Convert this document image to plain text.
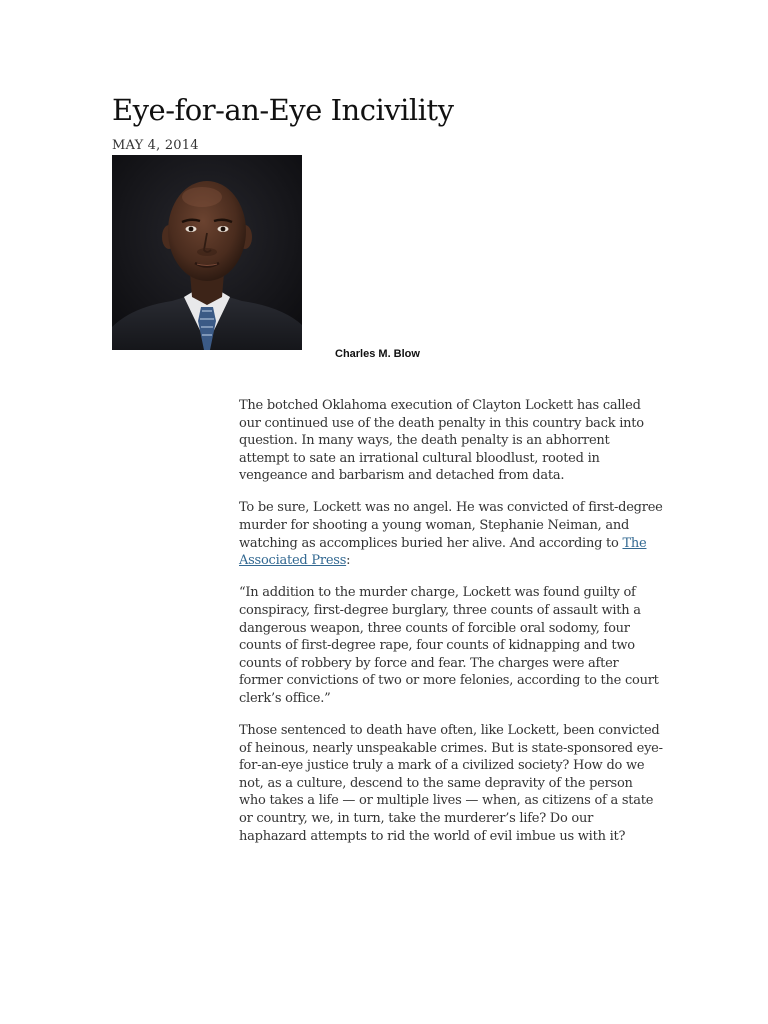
Eye-for-an-Eye Incivility
MAY 4, 2014
Charles M. Blow

The botched Oklahoma execution of Clayton Lockett has called our continued use of the death penalty in this country back into question. In many ways, the death penalty is an abhorrent attempt to sate an irrational cultural bloodlust, rooted in vengeance and barbarism and detached from data.

To be sure, Lockett was no angel. He was convicted of first-degree murder for shooting a young woman, Stephanie Neiman, and watching as accomplices buried her alive. And according to The Associated Press:

“In addition to the murder charge, Lockett was found guilty of conspiracy, first-degree burglary, three counts of assault with a dangerous weapon, three counts of forcible oral sodomy, four counts of first-degree rape, four counts of kidnapping and two counts of robbery by force and fear. The charges were after former convictions of two or more felonies, according to the court clerk’s office.”

Those sentenced to death have often, like Lockett, been convicted of heinous, nearly unspeakable crimes. But is state-sponsored eye-for-an-eye justice truly a mark of a civilized society? How do we not, as a culture, descend to the same depravity of the person who takes a life — or multiple lives — when, as citizens of a state or country, we, in turn, take the murderer’s life? Do our haphazard attempts to rid the world of evil imbue us with it?
